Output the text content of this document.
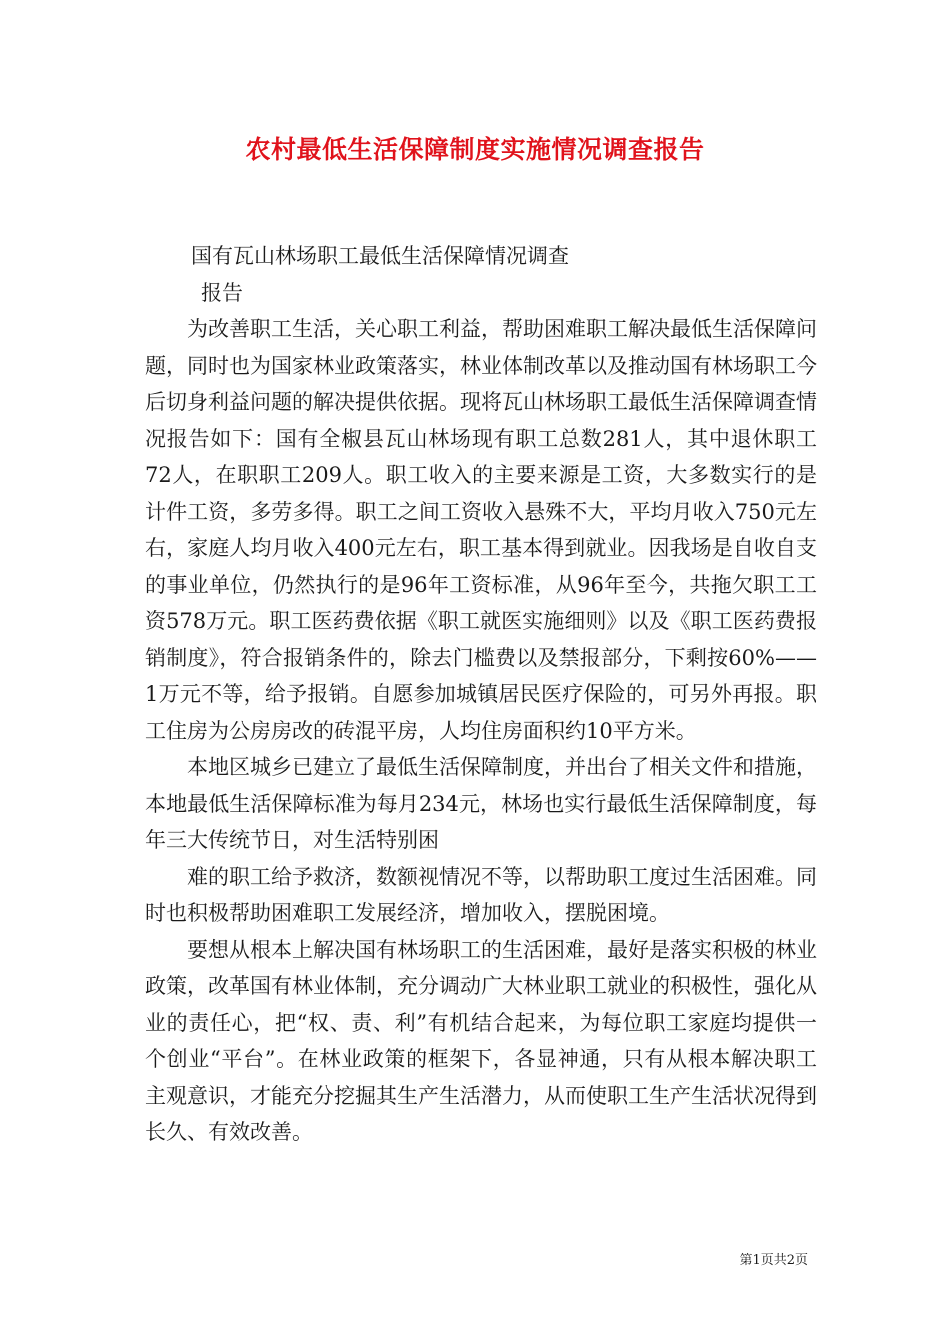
农村最低生活保障制度实施情况调查报告

国有瓦山林场职工最低生活保障情况调查

报告

为改善职工生活，关心职工利益，帮助困难职工解决最低生活保障问题，同时也为国家林业政策落实，林业体制改革以及推动国有林场职工今后切身利益问题的解决提供依据。现将瓦山林场职工最低生活保障调查情况报告如下：国有全椒县瓦山林场现有职工总数281人，其中退休职工72人，在职职工209人。职工收入的主要来源是工资，大多数实行的是计件工资，多劳多得。职工之间工资收入悬殊不大，平均月收入750元左右，家庭人均月收入400元左右，职工基本得到就业。因我场是自收自支的事业单位，仍然执行的是96年工资标准，从96年至今，共拖欠职工工资578万元。职工医药费依据《职工就医实施细则》以及《职工医药费报销制度》，符合报销条件的，除去门槛费以及禁报部分，下剩按60%——1万元不等，给予报销。自愿参加城镇居民医疗保险的，可另外再报。职工住房为公房房改的砖混平房，人均住房面积约10平方米。

本地区城乡已建立了最低生活保障制度，并出台了相关文件和措施，本地最低生活保障标准为每月234元，林场也实行最低生活保障制度，每年三大传统节日，对生活特别困

难的职工给予救济，数额视情况不等，以帮助职工度过生活困难。同时也积极帮助困难职工发展经济，增加收入，摆脱困境。

要想从根本上解决国有林场职工的生活困难，最好是落实积极的林业政策，改革国有林业体制，充分调动广大林业职工就业的积极性，强化从业的责任心，把“权、责、利”有机结合起来，为每位职工家庭均提供一个创业“平台”。在林业政策的框架下，各显神通，只有从根本解决职工主观意识，才能充分挖掘其生产生活潜力，从而使职工生产生活状况得到长久、有效改善。

第1页共2页
